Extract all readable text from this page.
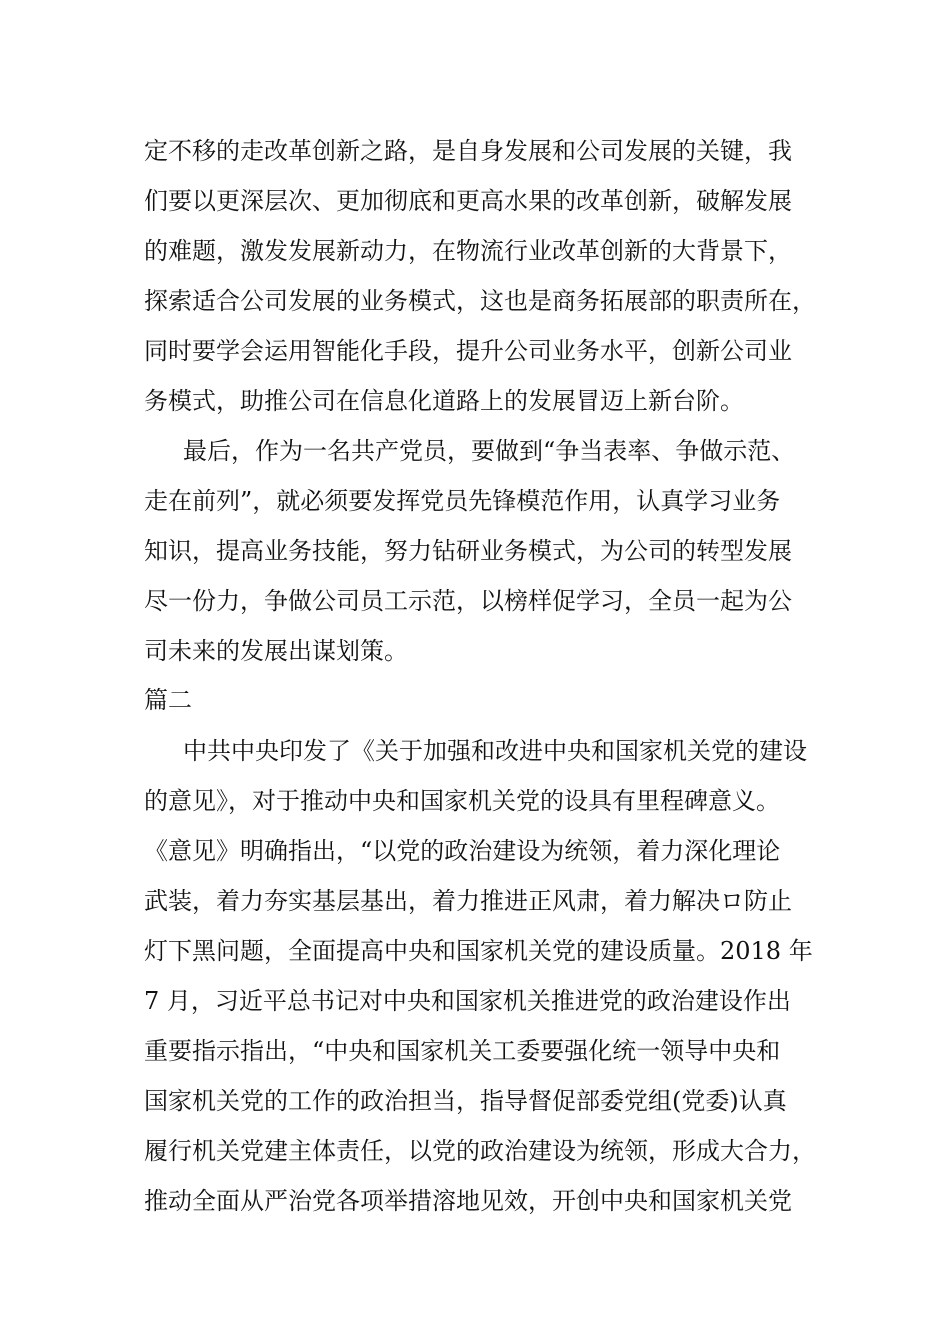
定不移的走改革创新之路，是自身发展和公司发展的关键，我
们要以更深层次、更加彻底和更高水果的改革创新，破解发展
的难题，激发发展新动力，在物流行业改革创新的大背景下，
探索适合公司发展的业务模式，这也是商务拓展部的职责所在，
同时要学会运用智能化手段，提升公司业务水平，创新公司业
务模式，助推公司在信息化道路上的发展冒迈上新台阶。
最后，作为一名共产党员，要做到“争当表率、争做示范、
走在前列”，就必须要发挥党员先锋模范作用，认真学习业务
知识，提高业务技能，努力钻研业务模式，为公司的转型发展
尽一份力，争做公司员工示范，以榜样促学习，全员一起为公
司未来的发展出谋划策。
篇二
中共中央印发了《关于加强和改进中央和国家机关党的建设
的意见》，对于推动中央和国家机关党的设具有里程碑意义。
《意见》明确指出，“以党的政治建设为统领，着力深化理论
武装，着力夯实基层基出，着力推进正风肃，着力解决ロ防止
灯下黑问题，全面提高中央和国家机关党的建设质量。2018 年
7 月，习近平总书记对中央和国家机关推进党的政治建设作出
重要指示指出，“中央和国家机关工委要强化统一领导中央和
国家机关党的工作的政治担当，指导督促部委党组(党委)认真
履行机关党建主体责任，以党的政治建设为统领，形成大合力，
推动全面从严治党各项举措溶地见效，开创中央和国家机关党
